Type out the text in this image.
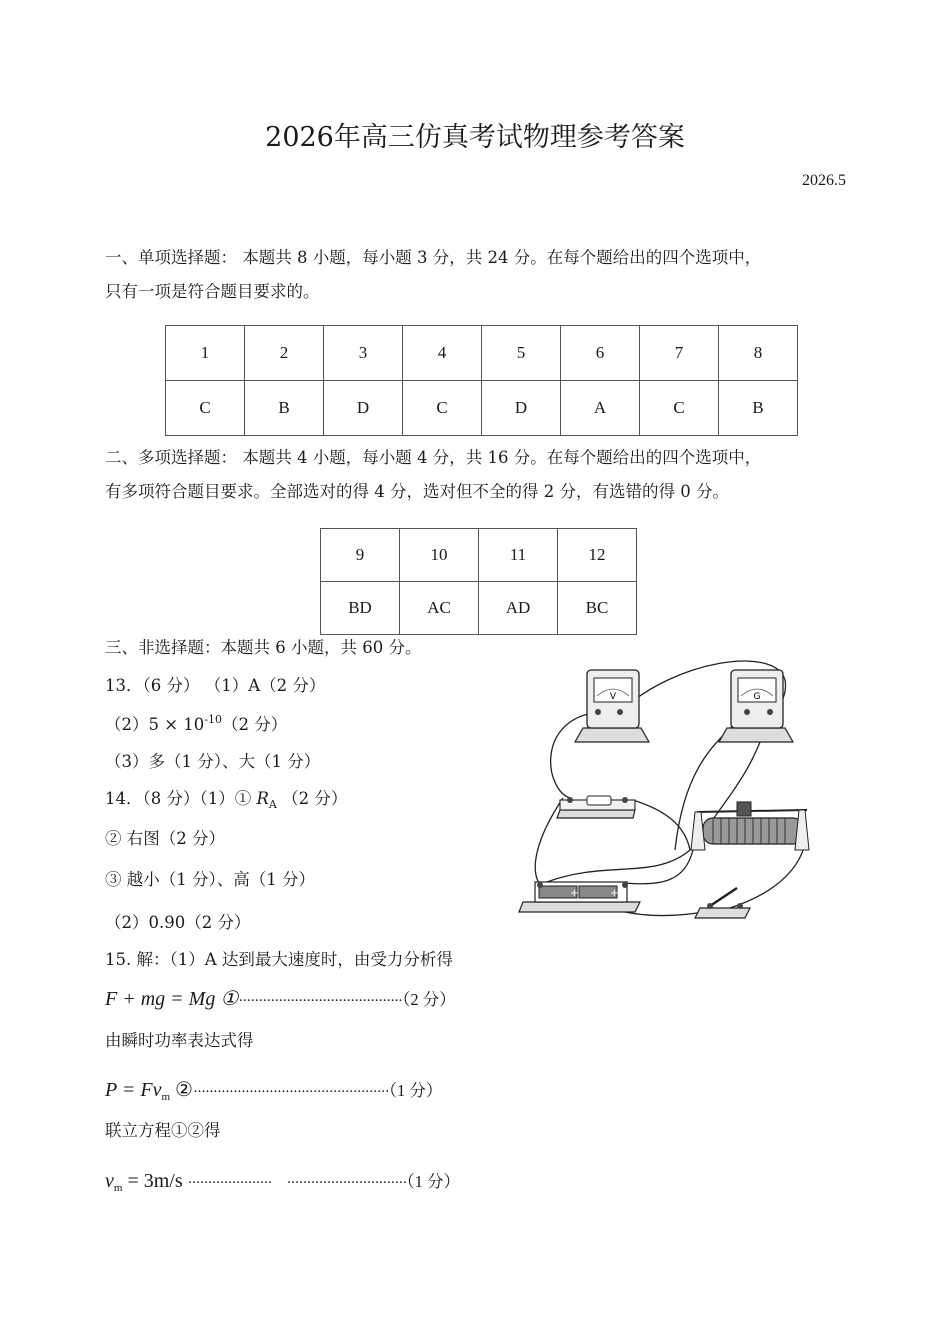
2026年高三仿真考试物理参考答案
2026.5
一、单项选择题： 本题共 8 小题，每小题 3 分，共 24 分。在每个题给出的四个选项中，
只有一项是符合题目要求的。
1	2	3	4	5	6	7	8
C	B	D	C	D	A	C	B
二、多项选择题： 本题共 4 小题，每小题 4 分，共 16 分。在每个题给出的四个选项中，
有多项符合题目要求。全部选对的得 4 分，选对但不全的得 2 分，有选错的得 0 分。
9	10	11	12
BD	AC	AD	BC
三、非选择题：本题共 6 小题，共 60 分。
13．（6 分） （1）A（2 分）
$(2)5 \times 10^{-10}(2$ 分）
（3）多（1 分）、大（1 分）
14．（8 分）（1）① $R_A$ （2 分）
② 右图（2 分）
③ 越小（1 分）、高（1 分）
（2）0.90（2 分）
15. 解：（1）A 达到最大速度时，由受力分析得
F + mg = Mg ①·········································（2 分）
由瞬时功率表达式得
$P = Fv_m$ ②·················································（1 分）
联立方程①②得
$v_m = 3m/s$ ····················· ······························（1 分）
V	G
+	+
